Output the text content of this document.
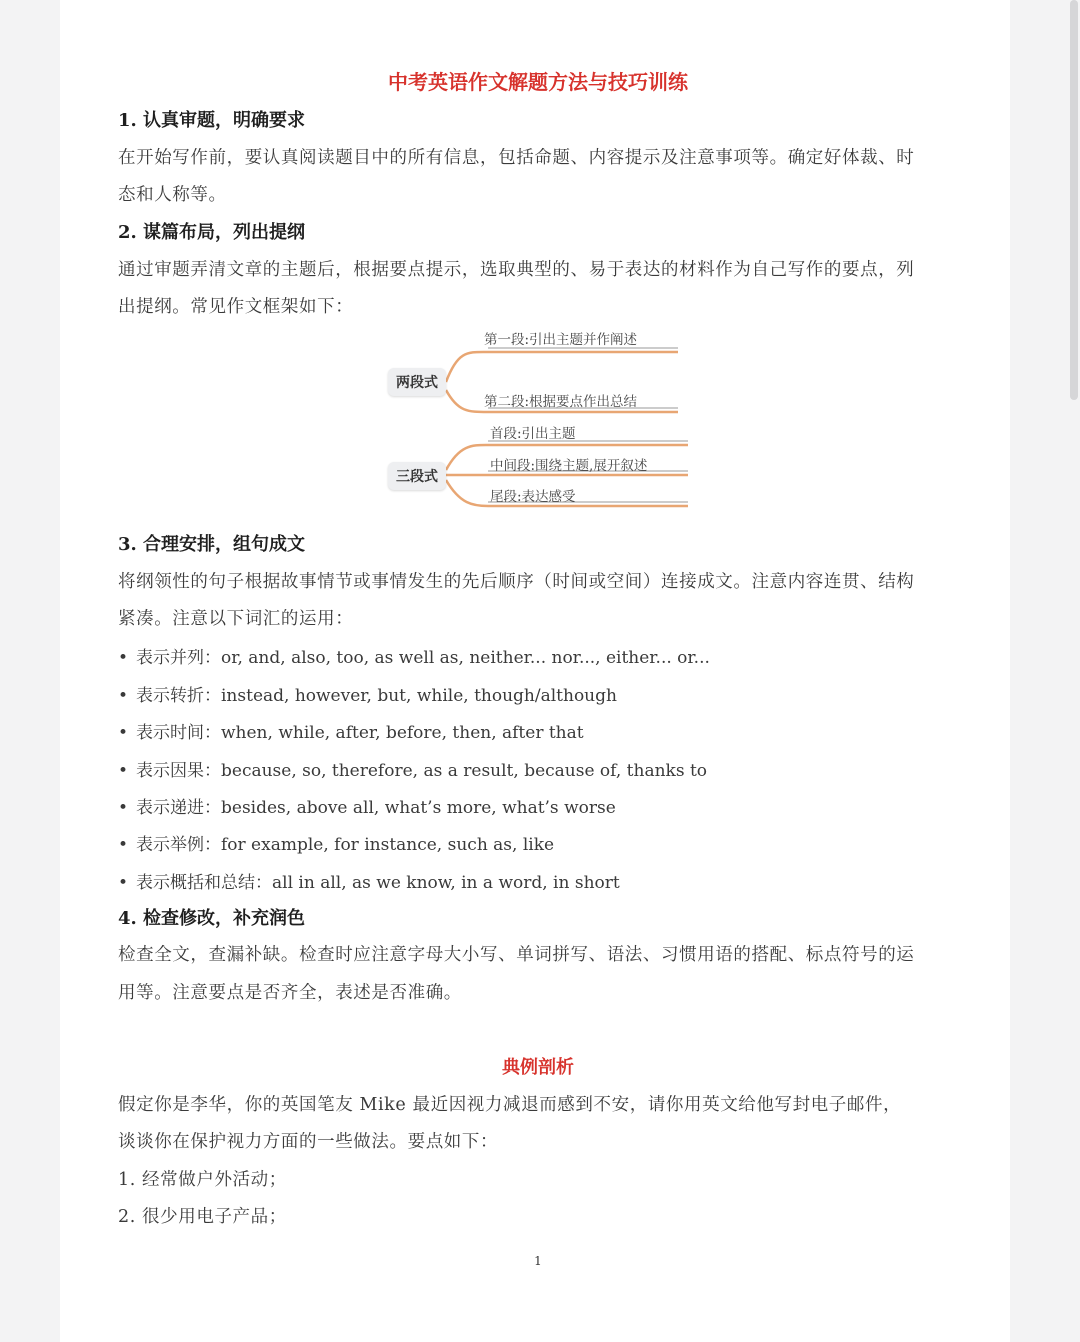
中考英语作文解题方法与技巧训练
1. 认真审题，明确要求
在开始写作前，要认真阅读题目中的所有信息，包括命题、内容提示及注意事项等。确定好体裁、时
态和人称等。
2. 谋篇布局，列出提纲
通过审题弄清文章的主题后，根据要点提示，选取典型的、易于表达的材料作为自己写作的要点，列
出提纲。常见作文框架如下：
两段式
第一段:引出主题并作阐述
第二段:根据要点作出总结
三段式
首段:引出主题
中间段:围绕主题,展开叙述
尾段:表达感受
3. 合理安排，组句成文
将纲领性的句子根据故事情节或事情发生的先后顺序（时间或空间）连接成文。注意内容连贯、结构
紧凑。注意以下词汇的运用：
• 表示并列：or, and, also, too, as well as, neither... nor..., either... or...
• 表示转折：instead, however, but, while, though/although
• 表示时间：when, while, after, before, then, after that
• 表示因果：because, so, therefore, as a result, because of, thanks to
• 表示递进：besides, above all, what’s more, what’s worse
• 表示举例：for example, for instance, such as, like
• 表示概括和总结：all in all, as we know, in a word, in short
4. 检查修改，补充润色
检查全文，查漏补缺。检查时应注意字母大小写、单词拼写、语法、习惯用语的搭配、标点符号的运
用等。注意要点是否齐全，表述是否准确。
典例剖析
假定你是李华，你的英国笔友 Mike 最近因视力减退而感到不安，请你用英文给他写封电子邮件，
谈谈你在保护视力方面的一些做法。要点如下：
1. 经常做户外活动；
2. 很少用电子产品；
1
